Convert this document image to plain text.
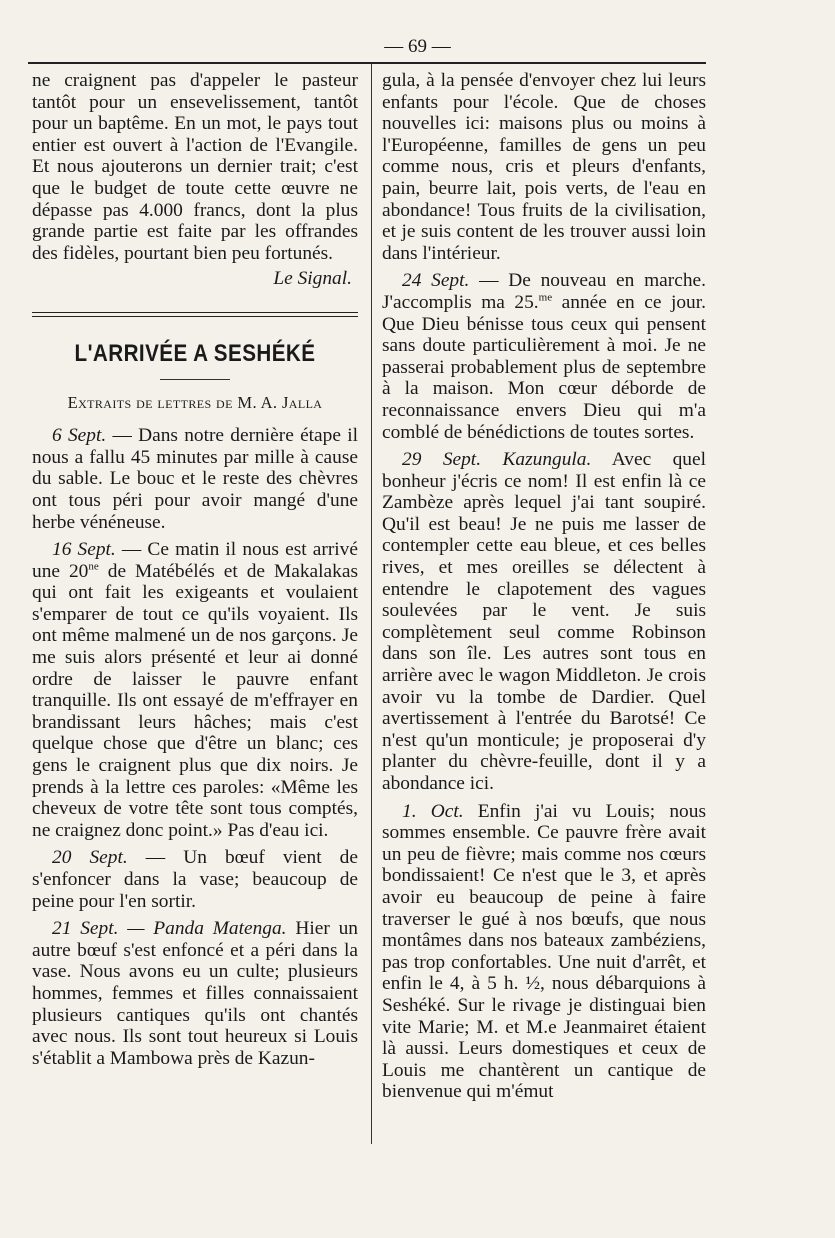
— 69 —

ne craignent pas d'appeler le pasteur tantôt pour un ensevelissement, tantôt pour un baptême. En un mot, le pays tout entier est ouvert à l'action de l'Evangile. Et nous ajouterons un dernier trait; c'est que le budget de toute cette œuvre ne dépasse pas 4.000 francs, dont la plus grande partie est faite par les offrandes des fidèles, pourtant bien peu fortunés.

Le Signal.
L'ARRIVÉE A SESHÉKÉ
Extraits de lettres de M. A. Jalla

6 Sept. — Dans notre dernière étape il nous a fallu 45 minutes par mille à cause du sable. Le bouc et le reste des chèvres ont tous péri pour avoir mangé d'une herbe vénéneuse.

16 Sept. — Ce matin il nous est arrivé une $20^{ne}$ de Matébélés et de Makalakas qui ont fait les exigeants et voulaient s'emparer de tout ce qu'ils voyaient. Ils ont même malmené un de nos garçons. Je me suis alors présenté et leur ai donné ordre de laisser le pauvre enfant tranquille. Ils ont essayé de m'effrayer en brandissant leurs hâches; mais c'est quelque chose que d'être un blanc; ces gens le craignent plus que dix noirs. Je prends à la lettre ces paroles: «Même les cheveux de votre tête sont tous comptés, ne craignez donc point.» Pas d'eau ici.

20 Sept. — Un bœuf vient de s'enfoncer dans la vase; beaucoup de peine pour l'en sortir.

21 Sept. — Panda Matenga. Hier un autre bœuf s'est enfoncé et a péri dans la vase. Nous avons eu un culte; plusieurs hommes, femmes et filles connaissaient plusieurs cantiques qu'ils ont chantés avec nous. Ils sont tout heureux si Louis s'établit a Mambowa près de Kazun-

gula, à la pensée d'envoyer chez lui leurs enfants pour l'école. Que de choses nouvelles ici: maisons plus ou moins à l'Européenne, familles de gens un peu comme nous, cris et pleurs d'enfants, pain, beurre lait, pois verts, de l'eau en abondance! Tous fruits de la civilisation, et je suis content de les trouver aussi loin dans l'intérieur.

24 Sept. — De nouveau en marche. J'accomplis ma 25.$^{me}$ année en ce jour. Que Dieu bénisse tous ceux qui pensent sans doute particulièrement à moi. Je ne passerai probablement plus de septembre à la maison. Mon cœur déborde de reconnaissance envers Dieu qui m'a comblé de bénédictions de toutes sortes.

29 Sept. Kazungula. Avec quel bonheur j'écris ce nom! Il est enfin là ce Zambèze après lequel j'ai tant soupiré. Qu'il est beau! Je ne puis me lasser de contempler cette eau bleue, et ces belles rives, et mes oreilles se délectent à entendre le clapotement des vagues soulevées par le vent. Je suis complètement seul comme Robinson dans son île. Les autres sont tous en arrière avec le wagon Middleton. Je crois avoir vu la tombe de Dardier. Quel avertissement à l'entrée du Barotsé! Ce n'est qu'un monticule; je proposerai d'y planter du chèvre-feuille, dont il y a abondance ici.

1. Oct. Enfin j'ai vu Louis; nous sommes ensemble. Ce pauvre frère avait un peu de fièvre; mais comme nos cœurs bondissaient! Ce n'est que le 3, et après avoir eu beaucoup de peine à faire traverser le gué à nos bœufs, que nous montâmes dans nos bateaux zambéziens, pas trop confortables. Une nuit d'arrêt, et enfin le 4, à 5 h. ½, nous débarquions à Seshéké. Sur le rivage je distinguai bien vite Marie; M. et M.e Jeanmairet étaient là aussi. Leurs domestiques et ceux de Louis me chantèrent un cantique de bienvenue qui m'émut
